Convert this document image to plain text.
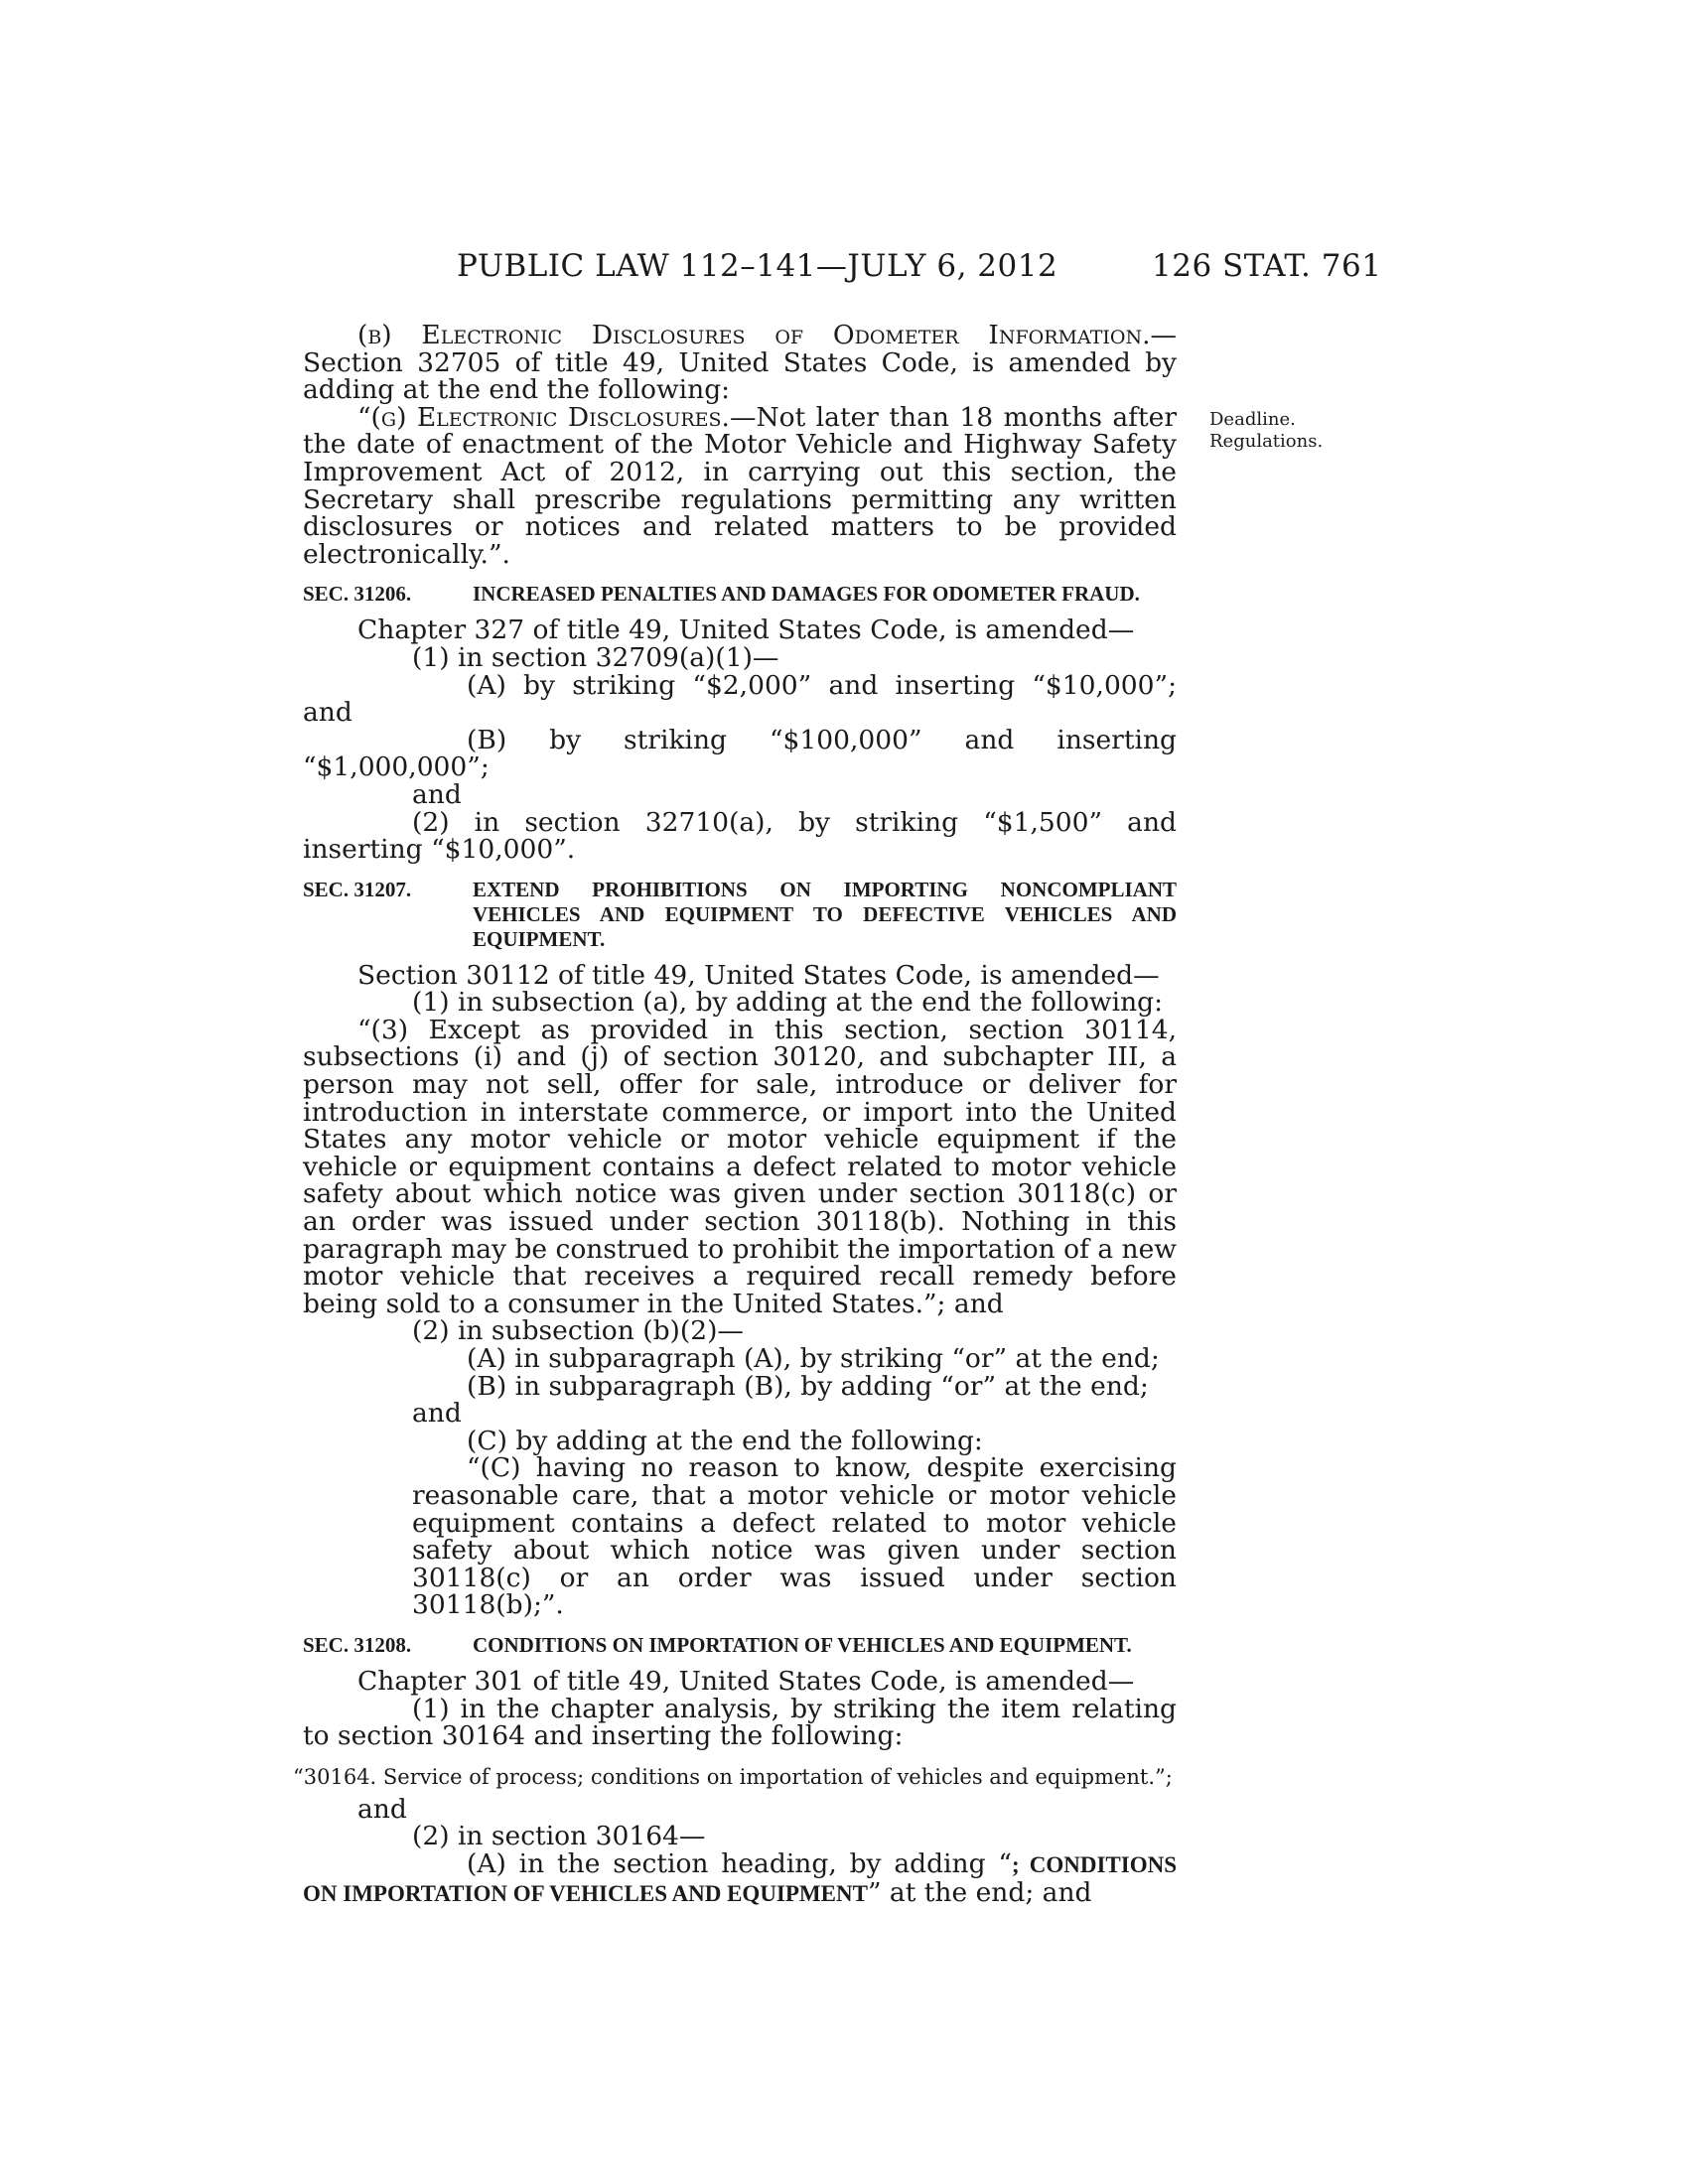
PUBLIC LAW 112–141—JULY 6, 2012	126 STAT. 761
Deadline.
Regulations.

(b) Electronic Disclosures of Odometer Information.— Section 32705 of title 49, United States Code, is amended by adding at the end the following:

“(g) Electronic Disclosures.—Not later than 18 months after the date of enactment of the Motor Vehicle and Highway Safety Improvement Act of 2012, in carrying out this section, the Secretary shall prescribe regulations permitting any written disclosures or notices and related matters to be provided electronically.”.

SEC. 31206.	INCREASED PENALTIES AND DAMAGES FOR ODOMETER FRAUD.

Chapter 327 of title 49, United States Code, is amended—

(1) in section 32709(a)(1)—

(A) by striking “$2,000” and inserting “$10,000”; and

(B) by striking “$100,000” and inserting “$1,000,000”;

and

(2) in section 32710(a), by striking “$1,500” and inserting “$10,000”.

SEC. 31207.	EXTEND PROHIBITIONS ON IMPORTING NONCOMPLIANT VEHICLES AND EQUIPMENT TO DEFECTIVE VEHICLES AND EQUIPMENT.

Section 30112 of title 49, United States Code, is amended—

(1) in subsection (a), by adding at the end the following:

“(3) Except as provided in this section, section 30114, subsections (i) and (j) of section 30120, and subchapter III, a person may not sell, offer for sale, introduce or deliver for introduction in interstate commerce, or import into the United States any motor vehicle or motor vehicle equipment if the vehicle or equipment contains a defect related to motor vehicle safety about which notice was given under section 30118(c) or an order was issued under section 30118(b). Nothing in this paragraph may be construed to prohibit the importation of a new motor vehicle that receives a required recall remedy before being sold to a consumer in the United States.”; and

(2) in subsection (b)(2)—

(A) in subparagraph (A), by striking “or” at the end;

(B) in subparagraph (B), by adding “or” at the end;

and

(C) by adding at the end the following:

“(C) having no reason to know, despite exercising reasonable care, that a motor vehicle or motor vehicle equipment contains a defect related to motor vehicle safety about which notice was given under section 30118(c) or an order was issued under section 30118(b);”.

SEC. 31208.	CONDITIONS ON IMPORTATION OF VEHICLES AND EQUIPMENT.

Chapter 301 of title 49, United States Code, is amended—

(1) in the chapter analysis, by striking the item relating to section 30164 and inserting the following:

“30164. Service of process; conditions on importation of vehicles and equipment.”;

and

(2) in section 30164—

(A) in the section heading, by adding “; CONDITIONS ON IMPORTATION OF VEHICLES AND EQUIPMENT” at the end; and
